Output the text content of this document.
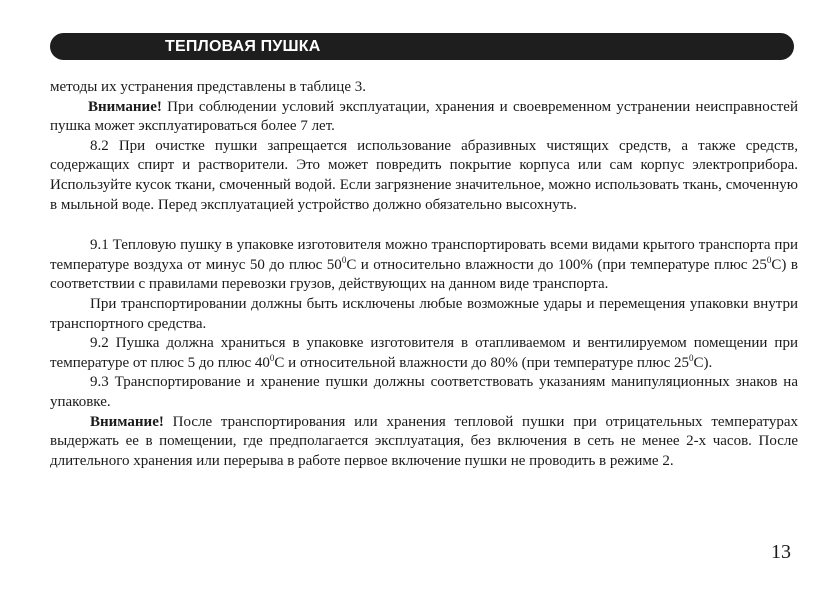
ТЕПЛОВАЯ ПУШКА

методы их устранения представлены в таблице 3.

Внимание! При соблюдении условий эксплуатации, хранения и своевременном устранении неисправностей пушка может эксплуатироваться более 7 лет.

8.2 При очистке пушки запрещается использование абразивных чистящих средств, а также средств, содержащих спирт и растворители. Это может повредить покрытие корпуса или сам корпус электроприбора. Используйте кусок ткани, смоченный водой. Если загрязнение значительное, можно использовать ткань, смоченную в мыльной воде. Перед эксплуатацией устройство должно обязательно высохнуть.

9.1 Тепловую пушку в упаковке изготовителя можно транспортировать всеми видами крытого транспорта при температуре воздуха от минус 50 до плюс $50^0С$ и относительно влажности до 100% (при температуре плюс $25^0С$) в соответствии с правилами перевозки грузов, действующих на данном виде транспорта.

При транспортировании должны быть исключены любые возможные удары и перемещения упаковки внутри транспортного средства.

9.2 Пушка должна храниться в упаковке изготовителя в отапливаемом и вентилируемом помещении при температуре от плюс 5 до плюс $40^0С$ и относительной влажности до 80% (при температуре плюс $25^0С$).

9.3 Транспортирование и хранение пушки должны соответствовать указаниям манипуляционных знаков на упаковке.

Внимание! После транспортирования или хранения тепловой пушки при отрицательных температурах выдержать ее в помещении, где предполагается эксплуатация, без включения в сеть не менее 2-х часов. После длительного хранения или перерыва в работе первое включение пушки не проводить в режиме 2.

13
